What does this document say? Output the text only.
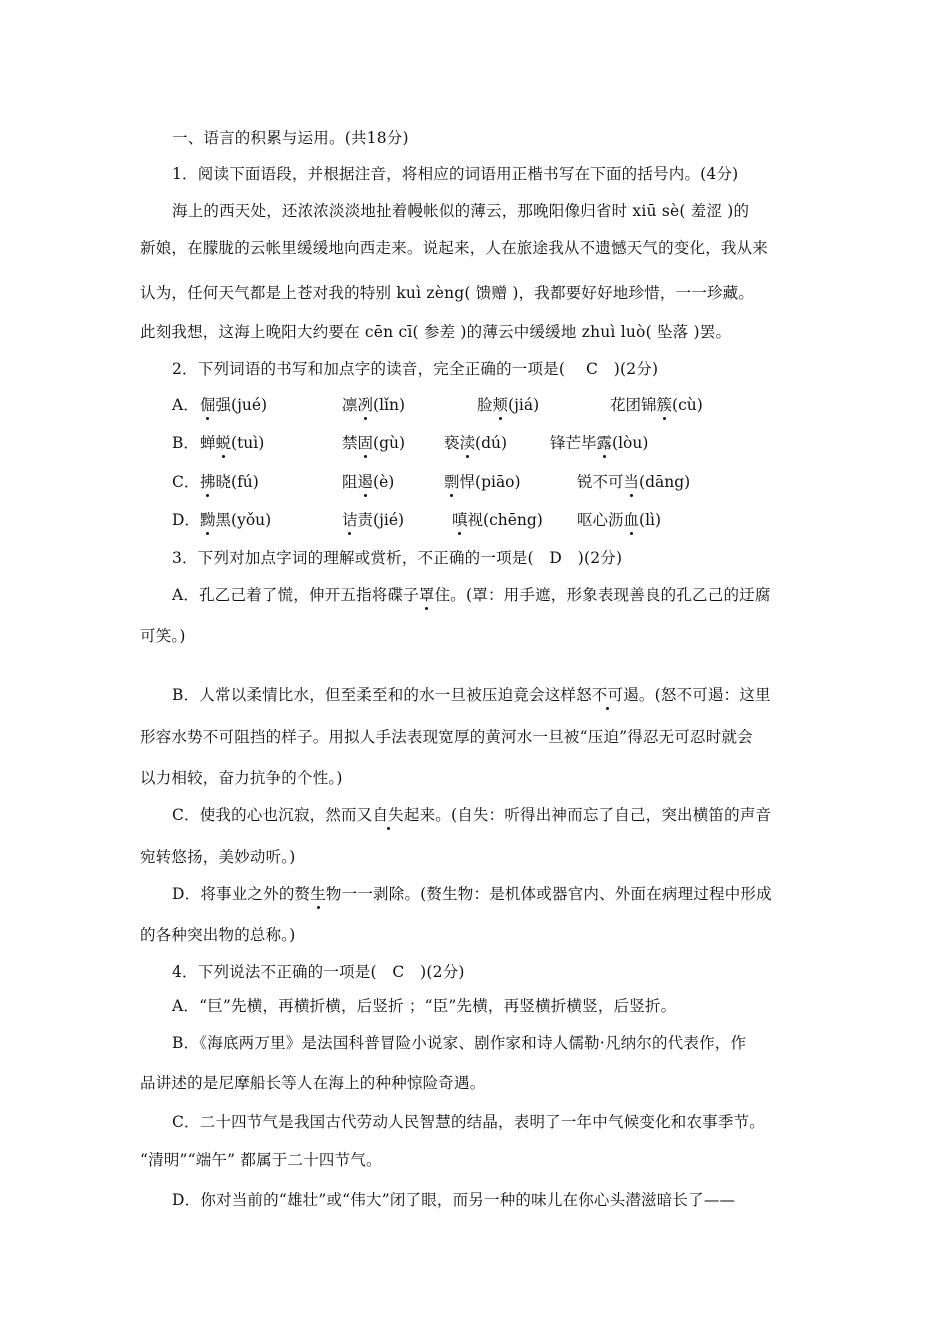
一、语言的积累与运用。(共18分)
1．阅读下面语段，并根据注音，将相应的词语用正楷书写在下面的括号内。(4分)
海上的西天处，还浓浓淡淡地扯着幔帐似的薄云，那晚阳像归省时 xiū sè( 羞涩 )的
新娘，在朦胧的云帐里缓缓地向西走来。说起来，人在旅途我从不遗憾天气的变化，我从来
认为，任何天气都是上苍对我的特别 kuì zèng( 馈赠 )，我都要好好地珍惜，一一珍藏。
此刻我想，这海上晚阳大约要在 cēn cī( 参差 )的薄云中缓缓地 zhuì luò( 坠落 )罢。
2．下列词语的书写和加点字的读音，完全正确的一项是(　 C　)(2分)
A． 倔强(jué)	凛冽(lǐn)	脸颊(jiá)	花团锦簇(cù)
B． 蝉蜕(tuì)	禁固(gù)	亵渎(dú)	锋芒毕露(lòu)
C． 拂晓(fú)	阻遏(è)	剽悍(piāo)	锐不可当(dāng)
D． 黝黑(yǒu)	诘责(jié)	嗔视(chēng) 呕心沥血(lì)
3．下列对加点字词的理解或赏析，不正确的一项是(　D　)(2分)
A．孔乙己着了慌，伸开五指将碟子罩住。(罩：用手遮，形象表现善良的孔乙己的迂腐
可笑。)
B．人常以柔情比水，但至柔至和的水一旦被压迫竟会这样怒不可遏。(怒不可遏：这里
形容水势不可阻挡的样子。用拟人手法表现宽厚的黄河水一旦被“压迫”得忍无可忍时就会
以力相较，奋力抗争的个性。)
C．使我的心也沉寂，然而又自失起来。(自失：听得出神而忘了自己，突出横笛的声音
宛转悠扬，美妙动听。)
D．将事业之外的赘生物一一剥除。(赘生物：是机体或器官内、外面在病理过程中形成
的各种突出物的总称。)
4．下列说法不正确的一项是(　C　)(2分)
A．“巨”先横，再横折横，后竖折 ；“臣”先横，再竖横折横竖，后竖折。
B．《海底两万里》是法国科普冒险小说家、剧作家和诗人儒勒·凡纳尔的代表作，作
品讲述的是尼摩船长等人在海上的种种惊险奇遇。
C．二十四节气是我国古代劳动人民智慧的结晶，表明了一年中气候变化和农事季节。
“清明”“端午” 都属于二十四节气。
D．你对当前的“雄壮”或“伟大”闭了眼，而另一种的味儿在你心头潜滋暗长了——
